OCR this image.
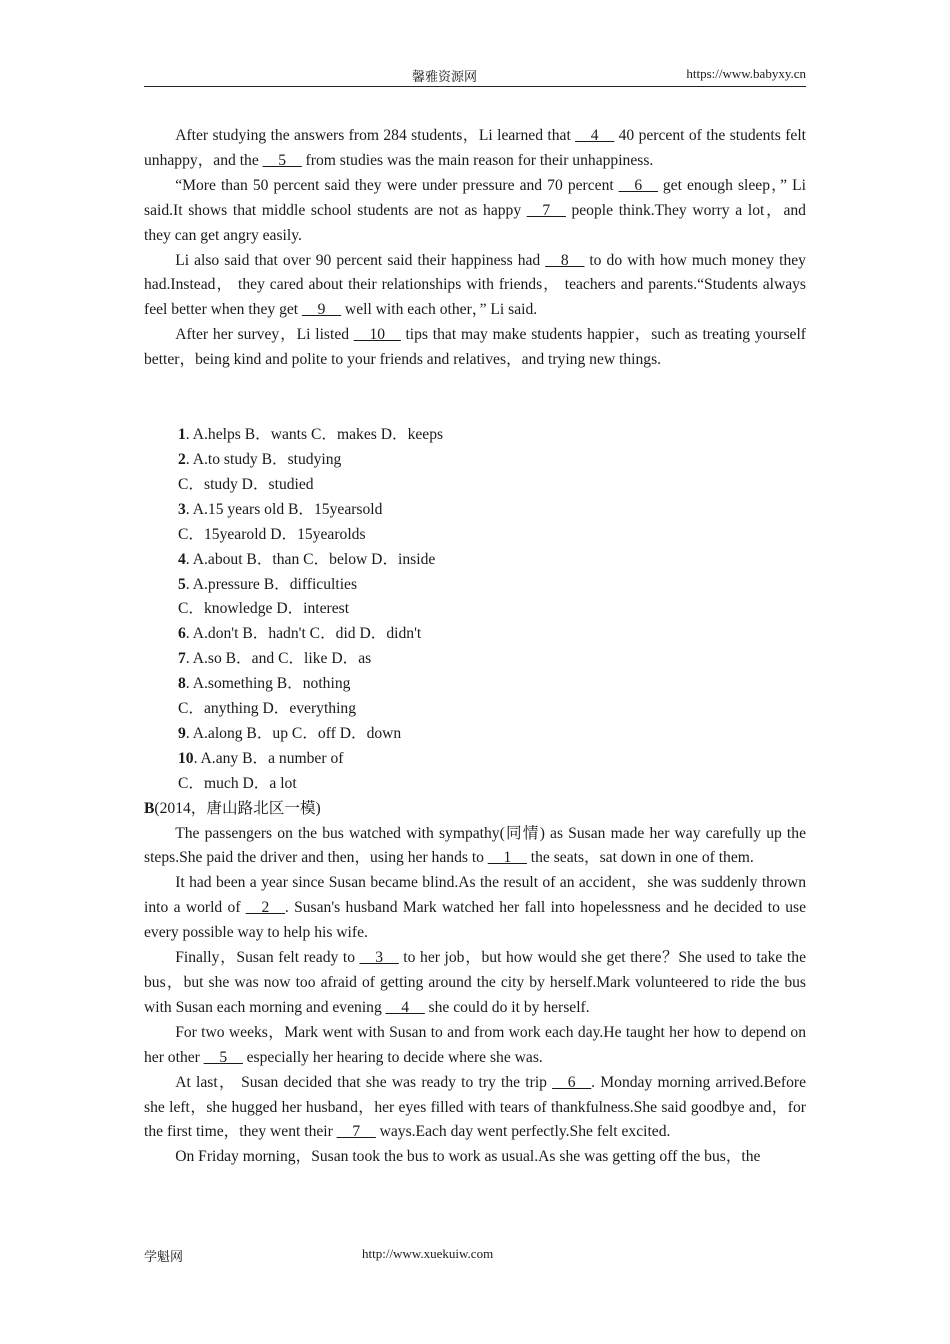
馨雅资源网	https://www.babyxy.cn

After studying the answers from 284 students，Li learned that __4__ 40 percent of the students felt unhappy，and the __5__ from studies was the main reason for their unhappiness.

“More than 50 percent said they were under pressure and 70 percent __6__ get enough sleep，” Li said.It shows that middle school students are not as happy __7__ people think.They worry a lot，and they can get angry easily.

Li also said that over 90 percent said their happiness had __8__ to do with how much money they had.Instead， they cared about their relationships with friends， teachers and parents.“Students always feel better when they get __9__ well with each other，” Li said.

After her survey，Li listed __10__ tips that may make students happier，such as treating yourself better，being kind and polite to your friends and relatives，and trying new things.

1. A.helps B．wants C．makes D．keeps
2. A.to study B．studying
C．study D．studied
3. A.15 years old B．15yearsold
C．15yearold D．15yearolds
4. A.about B．than C．below D．inside
5. A.pressure B．difficulties
C．knowledge D．interest
6. A.don't B．hadn't C．did D．didn't
7. A.so B．and C．like D．as
8. A.something B．nothing
C．anything D．everything
9. A.along B．up C．off D．down
10. A.any B．a number of
C．much D．a lot

B(2014，唐山路北区一模)

The passengers on the bus watched with sympathy(同情) as Susan made her way carefully up the steps.She paid the driver and then，using her hands to __1__ the seats，sat down in one of them.

It had been a year since Susan became blind.As the result of an accident，she was suddenly thrown into a world of __2__. Susan's husband Mark watched her fall into hopelessness and he decided to use every possible way to help his wife.

Finally，Susan felt ready to __3__ to her job，but how would she get there？She used to take the bus，but she was now too afraid of getting around the city by herself.Mark volunteered to ride the bus with Susan each morning and evening __4__ she could do it by herself.

For two weeks，Mark went with Susan to and from work each day.He taught her how to depend on her other __5__ especially her hearing to decide where she was.

At last， Susan decided that she was ready to try the trip __6__. Monday morning arrived.Before she left，she hugged her husband，her eyes filled with tears of thankfulness.She said goodbye and，for the first time，they went their __7__ ways.Each day went perfectly.She felt excited.

On Friday morning，Susan took the bus to work as usual.As she was getting off the bus，the

学魁网	http://www.xuekuiw.com
